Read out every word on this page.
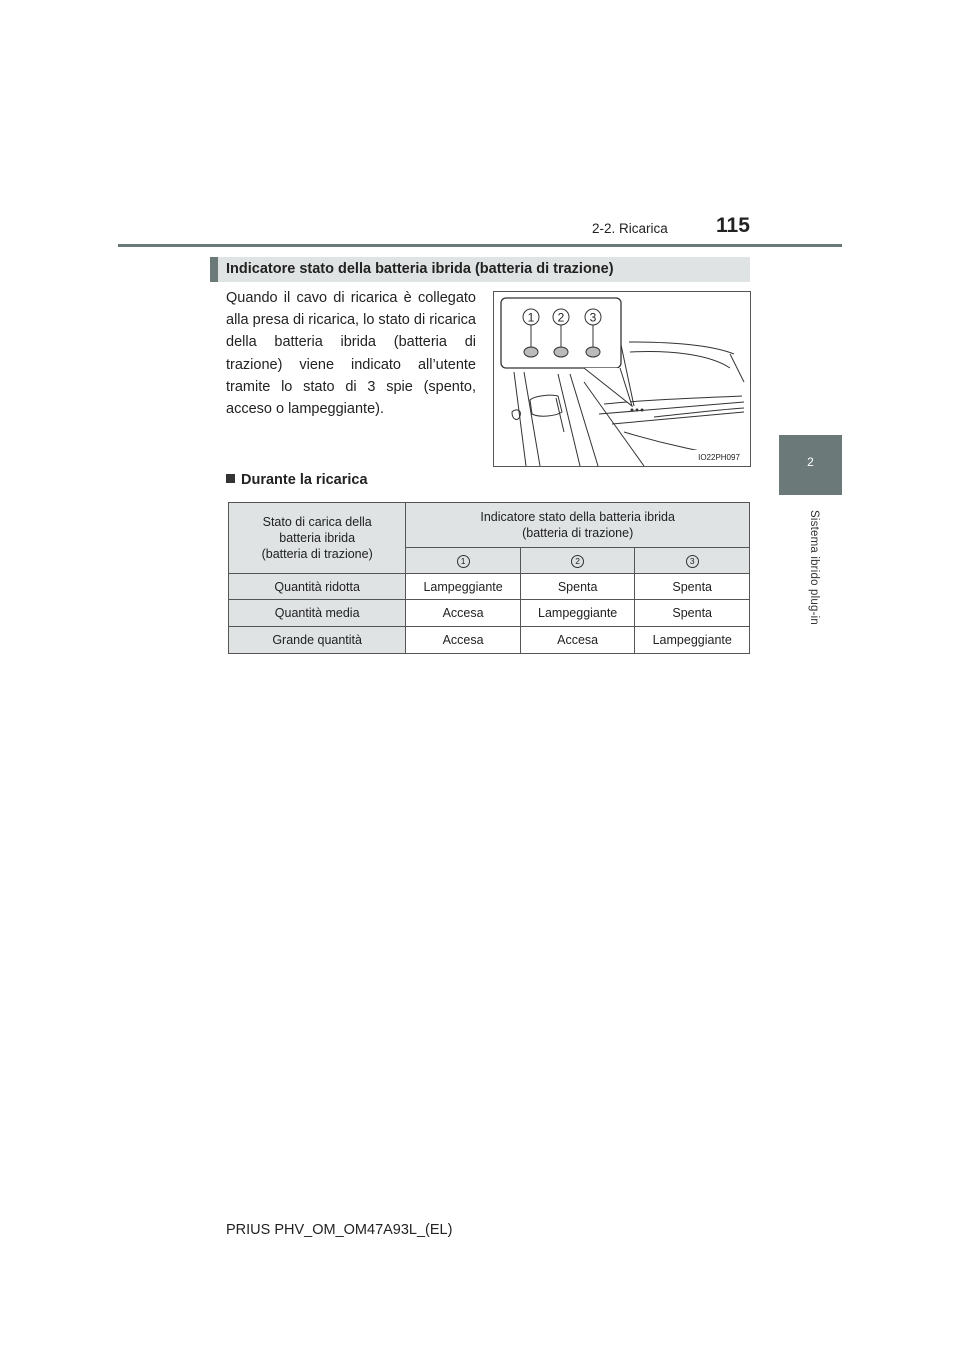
2-2. Ricarica 115
2
Sistema ibrido plug-in
Indicatore stato della batteria ibrida (batteria di trazione)
Quando il cavo di ricarica è collegato alla presa di ricarica, lo stato di ricarica della batteria ibrida (batteria di trazione) viene indicato all’utente tramite lo stato di 3 spie (spento, acceso o lampeggiante).
1 2 3
IO22PH097
Durante la ricarica
Stato di carica della
batteria ibrida
(batteria di trazione)	Indicatore stato della batteria ibrida
(batteria di trazione)		
	1	2	3
Quantità ridotta	Lampeggiante	Spenta	Spenta
Quantità media	Accesa	Lampeggiante	Spenta
Grande quantità	Accesa	Accesa	Lampeggiante
PRIUS PHV_OM_OM47A93L_(EL)
